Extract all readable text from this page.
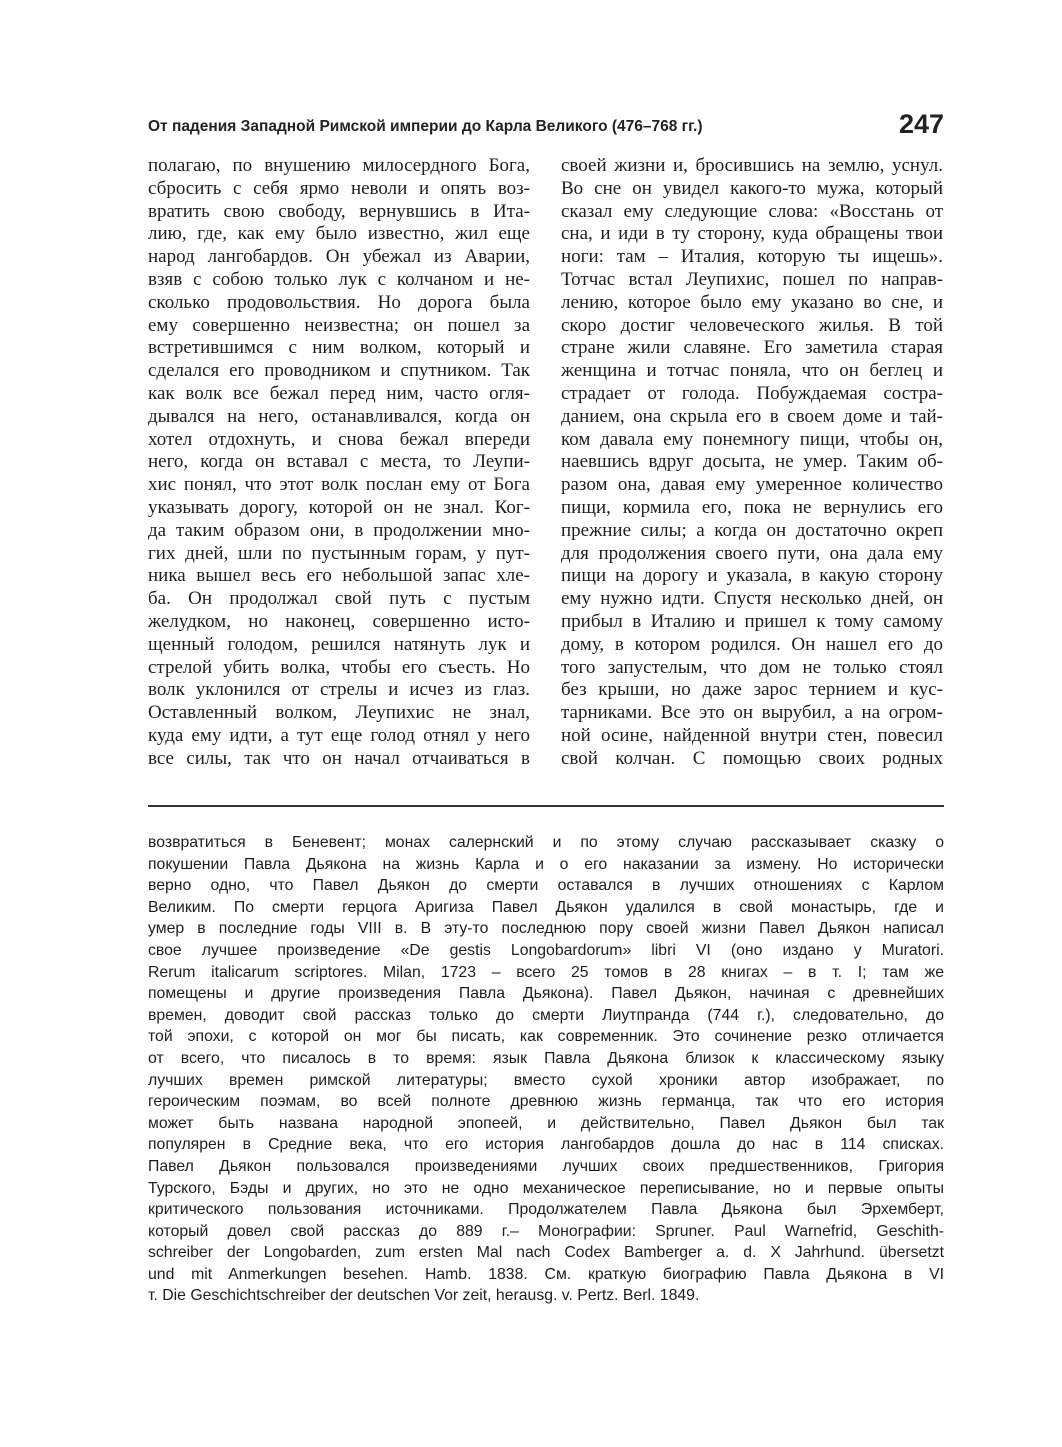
От падения Западной Римской империи до Карла Великого (476–768 гг.)	247
полагаю, по внушению милосердного Бога,
сбросить с себя ярмо неволи и опять воз-
вратить свою свободу, вернувшись в Ита-
лию, где, как ему было известно, жил еще
народ лангобардов. Он убежал из Аварии,
взяв с собою только лук с колчаном и не-
сколько продовольствия. Но дорога была
ему совершенно неизвестна; он пошел за
встретившимся с ним волком, который и
сделался его проводником и спутником. Так
как волк все бежал перед ним, часто огля-
дывался на него, останавливался, когда он
хотел отдохнуть, и снова бежал впереди
него, когда он вставал с места, то Леупи-
хис понял, что этот волк послан ему от Бога
указывать дорогу, которой он не знал. Ког-
да таким образом они, в продолжении мно-
гих дней, шли по пустынным горам, у пут-
ника вышел весь его небольшой запас хле-
ба. Он продолжал свой путь с пустым
желудком, но наконец, совершенно исто-
щенный голодом, решился натянуть лук и
стрелой убить волка, чтобы его съесть. Но
волк уклонился от стрелы и исчез из глаз.
Оставленный волком, Леупихис не знал,
куда ему идти, а тут еще голод отнял у него
все силы, так что он начал отчаиваться в
своей жизни и, бросившись на землю, уснул.
Во сне он увидел какого-то мужа, который
сказал ему следующие слова: «Восстань от
сна, и иди в ту сторону, куда обращены твои
ноги: там – Италия, которую ты ищешь».
Тотчас встал Леупихис, пошел по направ-
лению, которое было ему указано во сне, и
скоро достиг человеческого жилья. В той
стране жили славяне. Его заметила старая
женщина и тотчас поняла, что он беглец и
страдает от голода. Побуждаемая состра-
данием, она скрыла его в своем доме и тай-
ком давала ему понемногу пищи, чтобы он,
наевшись вдруг досыта, не умер. Таким об-
разом она, давая ему умеренное количество
пищи, кормила его, пока не вернулись его
прежние силы; а когда он достаточно окреп
для продолжения своего пути, она дала ему
пищи на дорогу и указала, в какую сторону
ему нужно идти. Спустя несколько дней, он
прибыл в Италию и пришел к тому самому
дому, в котором родился. Он нашел его до
того запустелым, что дом не только стоял
без крыши, но даже зарос терниeм и кус-
тарниками. Все это он вырубил, а на огром-
ной осине, найденной внутри стен, повесил
свой колчан. С помощью своих родных
возвратиться в Беневент; монах салернский и по этому случаю рассказывает сказку о
покушении Павла Дьякона на жизнь Карла и о его наказании за измену. Но исторически
верно одно, что Павел Дьякон до смерти оставался в лучших отношениях с Карлом
Великим. По смерти герцога Аригиза Павел Дьякон удалился в свой монастырь, где и
умер в последние годы VIII в. В эту-то последнюю пору своей жизни Павел Дьякон написал
свое лучшее произведение «De gestis Longobardorum» libri VI (оно издано у Muratori.
Rerum italicarum scriptores. Milan, 1723 – всего 25 томов в 28 книгах – в т. I; там же
помещены и другие произведения Павла Дьякона). Павел Дьякон, начиная с древнейших
времен, доводит свой рассказ только до смерти Лиутпранда (744 г.), следовательно, до
той эпохи, с которой он мог бы писать, как современник. Это сочинение резко отличается
от всего, что писалось в то время: язык Павла Дьякона близок к классическому языку
лучших времен римской литературы; вместо сухой хроники автор изображает, по
героическим поэмам, во всей полноте древнюю жизнь германца, так что его история
может быть названа народной эпопеей, и действительно, Павел Дьякон был так
популярен в Средние века, что его история лангобардов дошла до нас в 114 списках.
Павел Дьякон пользовался произведениями лучших своих предшественников, Григория
Турского, Бэды и других, но это не одно механическое переписывание, но и первые опыты
критического пользования источниками. Продолжателем Павла Дьякона был Эрхемберт,
который довел свой рассказ до 889 г.– Монографии: Spruner. Paul Warnefrid, Geschith-
schreiber der Longobarden, zum ersten Mal nach Codex Bamberger a. d. X Jahrhund. übersetzt
und mit Anmerkungen besehen. Hamb. 1838. См. краткую биографию Павла Дьякона в VI
т. Die Geschichtschreiber der deutschen Vor zeit, herausg. v. Pertz. Berl. 1849.
